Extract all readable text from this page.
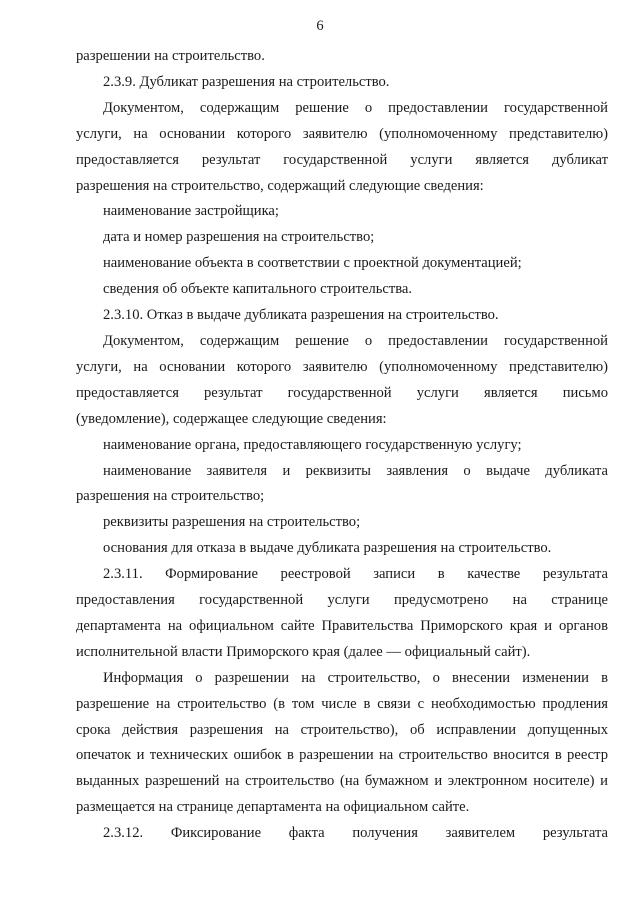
6

разрешении на строительство.

2.3.9. Дубликат разрешения на строительство.

Документом, содержащим решение о предоставлении государственной

услуги, на основании которого заявителю (уполномоченному представителю)

предоставляется результат государственной услуги является дубликат

разрешения на строительство, содержащий следующие сведения:

наименование застройщика;

дата и номер разрешения на строительство;

наименование объекта в соответствии с проектной документацией;

сведения об объекте капитального строительства.

2.3.10. Отказ в выдаче дубликата разрешения на строительство.

Документом, содержащим решение о предоставлении государственной

услуги, на основании которого заявителю (уполномоченному представителю)

предоставляется результат государственной услуги является письмо

(уведомление), содержащее следующие сведения:

наименование органа, предоставляющего государственную услугу;

наименование заявителя и реквизиты заявления о выдаче дубликата

разрешения на строительство;

реквизиты разрешения на строительство;

основания для отказа в выдаче дубликата разрешения на строительство.

2.3.11. Формирование реестровой записи в качестве результата

предоставления государственной услуги предусмотрено на странице

департамента на официальном сайте Правительства Приморского края и органов

исполнительной власти Приморского края (далее — официальный сайт).

Информация о разрешении на строительство, о внесении изменении в

разрешение на строительство (в том числе в связи с необходимостью продления

срока действия разрешения на строительство), об исправлении допущенных

опечаток и технических ошибок в разрешении на строительство вносится в реестр

выданных разрешений на строительство (на бумажном и электронном носителе) и

размещается на странице департамента на официальном сайте.

2.3.12. Фиксирование факта получения заявителем результата
